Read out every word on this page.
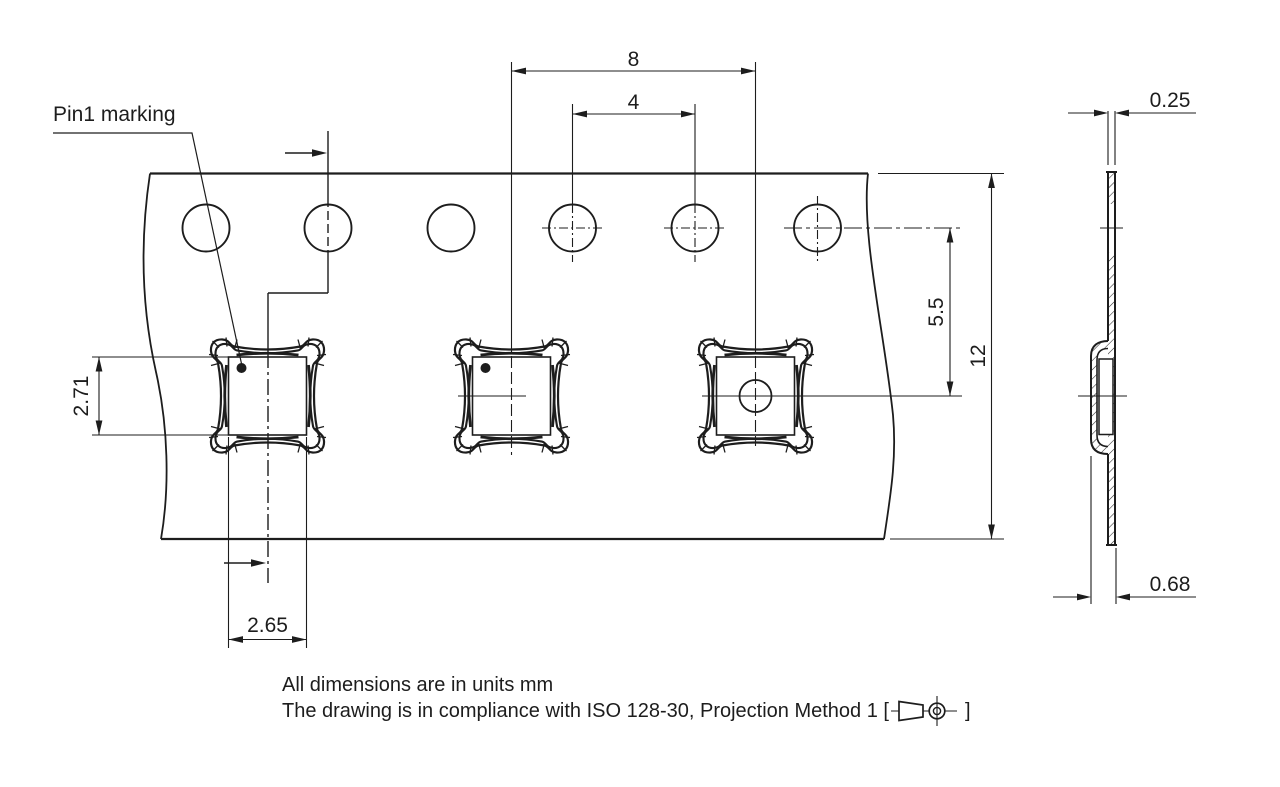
Pin1 marking
8
4
5.5
12
2.71
2.65
0.25
0.68
All dimensions are in units mm
The drawing is in compliance with ISO 128-30, Projection Method 1 [	]
